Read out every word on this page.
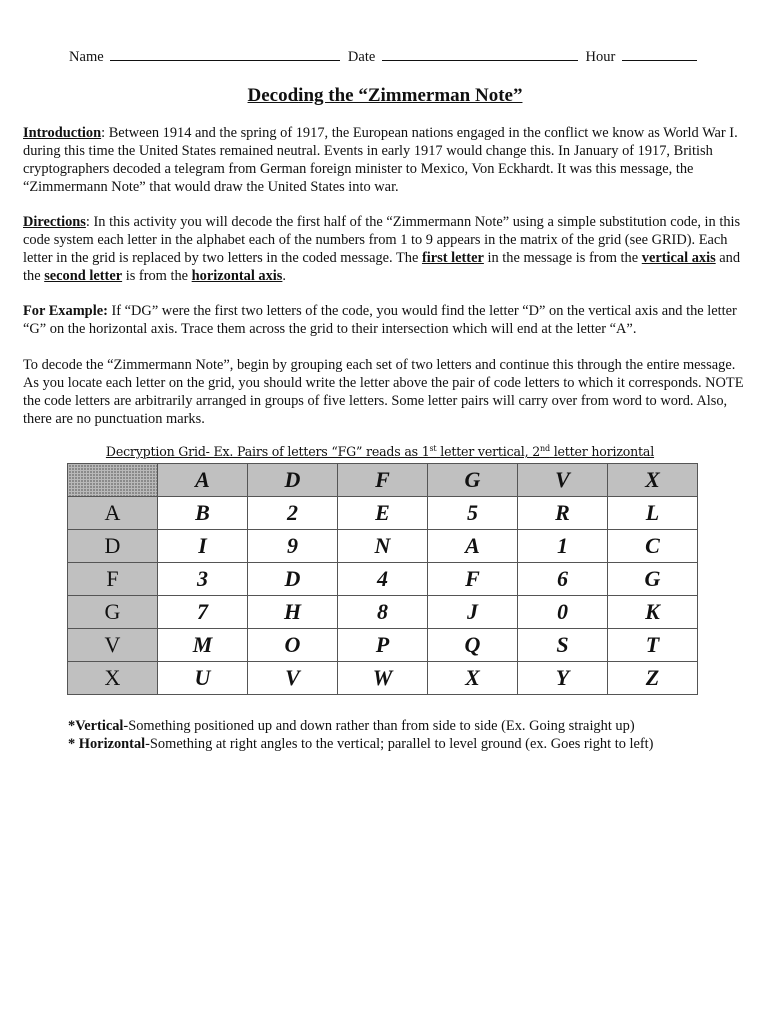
Name	Date	Hour
Decoding the “Zimmerman Note”
Introduction: Between 1914 and the spring of 1917, the European nations engaged in the conflict we know as World War I. during this time the United States remained neutral. Events in early 1917 would change this. In January of 1917, British cryptographers decoded a telegram from German foreign minister to Mexico, Von Eckhardt. It was this message, the “Zimmermann Note” that would draw the United States into war.
Directions: In this activity you will decode the first half of the “Zimmermann Note” using a simple substitution code, in this code system each letter in the alphabet each of the numbers from 1 to 9 appears in the matrix of the grid (see GRID). Each letter in the grid is replaced by two letters in the coded message. The first letter in the message is from the vertical axis and the second letter is from the horizontal axis.
For Example: If “DG” were the first two letters of the code, you would find the letter “D” on the vertical axis and the letter “G” on the horizontal axis. Trace them across the grid to their intersection which will end at the letter “A”.
To decode the “Zimmermann Note”, begin by grouping each set of two letters and continue this through the entire message. As you locate each letter on the grid, you should write the letter above the pair of code letters to which it corresponds. NOTE the code letters are arbitrarily arranged in groups of five letters. Some letter pairs will carry over from word to word. Also, there are no punctuation marks.
Decryption Grid- Ex. Pairs of letters “FG” reads as 1st letter vertical, 2nd letter horizontal
	A	D	F	G	V	X
A	B	2	E	5	R	L
D	I	9	N	A	1	C
F	3	D	4	F	6	G
G	7	H	8	J	0	K
V	M	O	P	Q	S	T
X	U	V	W	X	Y	Z
*Vertical-Something positioned up and down rather than from side to side (Ex. Going straight up)
* Horizontal-Something at right angles to the vertical; parallel to level ground (ex. Goes right to left)
